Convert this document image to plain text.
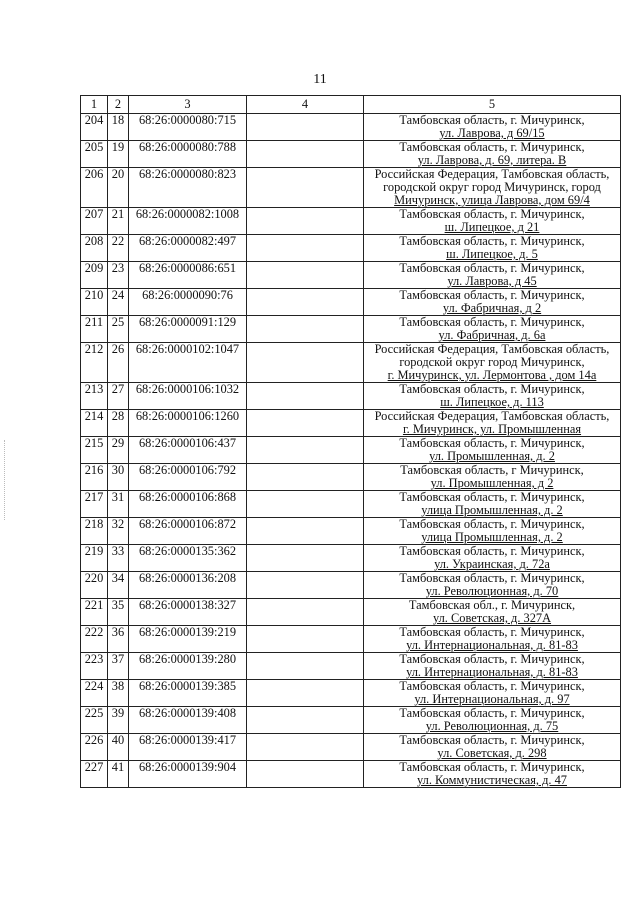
11
1	2	3	4	5
204	18	68:26:0000080:715		Тамбовская область, г. Мичуринск,
ул. Лаврова, д 69/15

205	19	68:26:0000080:788		Тамбовская область, г. Мичуринск,
ул. Лаврова, д. 69, литера. В

206	20	68:26:0000080:823		Российская Федерация, Тамбовская область,
городской округ город Мичуринск, город
Мичуринск, улица Лаврова, дом 69/4

207	21	68:26:0000082:1008		Тамбовская область, г. Мичуринск,
ш. Липецкое, д 21

208	22	68:26:0000082:497		Тамбовская область, г. Мичуринск,
ш. Липецкое, д. 5

209	23	68:26:0000086:651		Тамбовская область, г. Мичуринск,
ул. Лаврова, д 45

210	24	68:26:0000090:76		Тамбовская область, г. Мичуринск,
ул. Фабричная, д 2

211	25	68:26:0000091:129		Тамбовская область, г. Мичуринск,
ул. Фабричная, д. 6а

212	26	68:26:0000102:1047		Российская Федерация, Тамбовская область,
городской округ город Мичуринск,
г. Мичуринск, ул. Лермонтова , дом 14а

213	27	68:26:0000106:1032		Тамбовская область, г. Мичуринск,
ш. Липецкое, д. 113

214	28	68:26:0000106:1260		Российская Федерация, Тамбовская область,
г. Мичуринск, ул. Промышленная

215	29	68:26:0000106:437		Тамбовская область, г. Мичуринск,
ул. Промышленная, д. 2

216	30	68:26:0000106:792		Тамбовская область, г Мичуринск,
ул. Промышленная, д 2

217	31	68:26:0000106:868		Тамбовская область, г. Мичуринск,
улица Промышленная, д. 2

218	32	68:26:0000106:872		Тамбовская область, г. Мичуринск,
улица Промышленная, д. 2

219	33	68:26:0000135:362		Тамбовская область, г. Мичуринск,
ул. Украинская, д. 72а

220	34	68:26:0000136:208		Тамбовская область, г. Мичуринск,
ул. Революционная, д. 70

221	35	68:26:0000138:327		Тамбовская обл., г. Мичуринск,
ул. Советская, д. 327А

222	36	68:26:0000139:219		Тамбовская область, г. Мичуринск,
ул. Интернациональная, д. 81-83

223	37	68:26:0000139:280		Тамбовская область, г. Мичуринск,
ул. Интернациональная, д. 81-83

224	38	68:26:0000139:385		Тамбовская область, г. Мичуринск,
ул. Интернациональная, д. 97

225	39	68:26:0000139:408		Тамбовская область, г. Мичуринск,
ул. Революционная, д. 75

226	40	68:26:0000139:417		Тамбовская область, г. Мичуринск,
ул. Советская, д. 298

227	41	68:26:0000139:904		Тамбовская область, г. Мичуринск,
ул. Коммунистическая, д. 47
